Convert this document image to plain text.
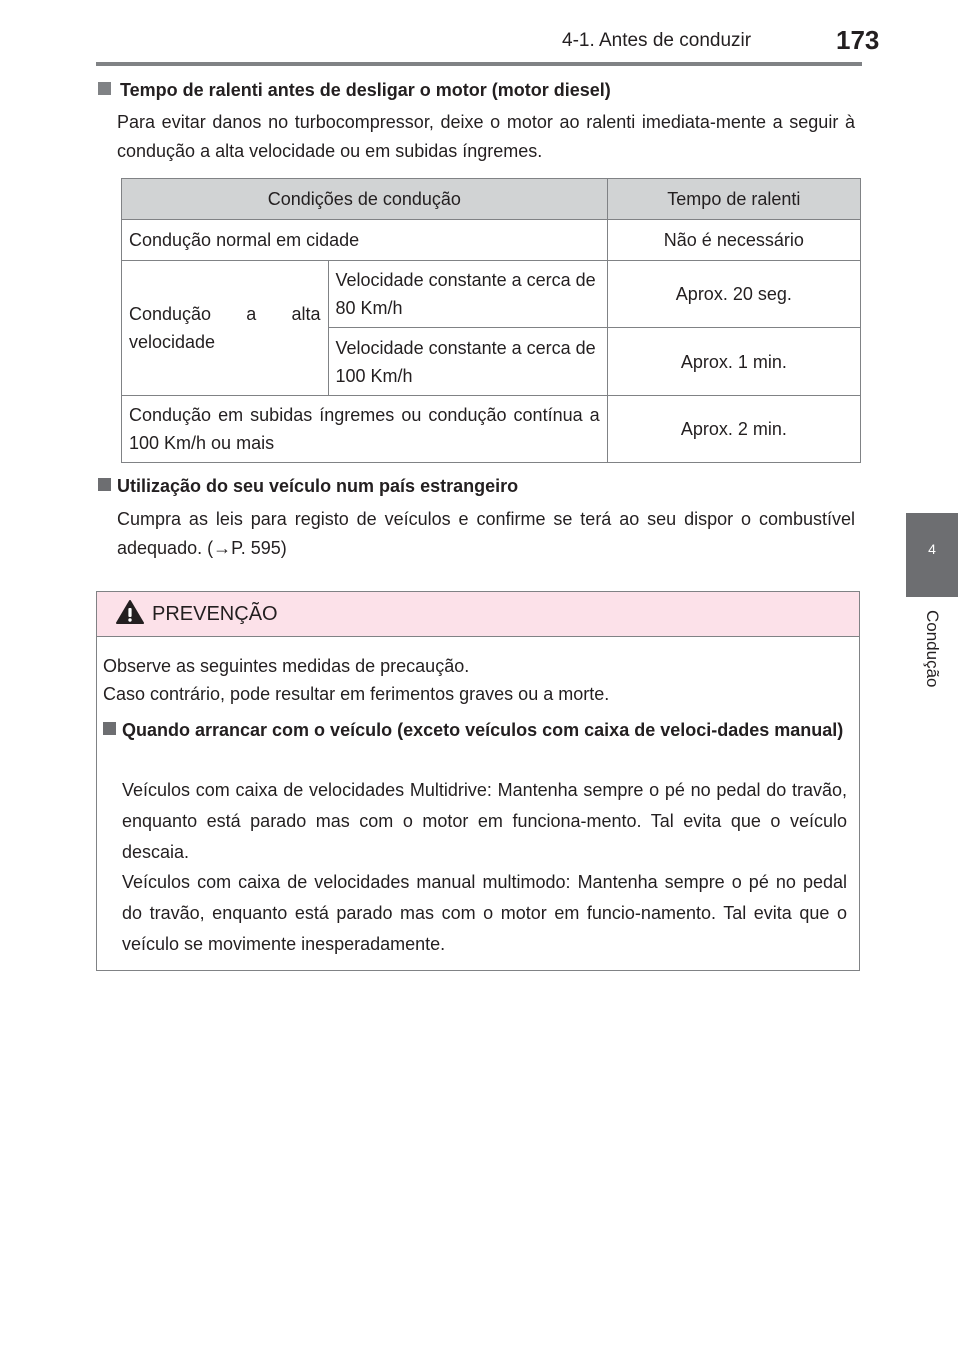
4-1. Antes de conduzir	173
4
Condução
Tempo de ralenti antes de desligar o motor (motor diesel)
Para evitar danos no turbocompressor, deixe o motor ao ralenti imediata-mente a seguir à condução a alta velocidade ou em subidas íngremes.
Condições de condução		Tempo de ralenti
Condução normal em cidade		Não é necessário
Condução a alta velocidade	Velocidade constante a cerca de 80 Km/h	Aprox. 20 seg.
	Velocidade constante a cerca de 100 Km/h	Aprox. 1 min.
Condução em subidas íngremes ou condução contínua a 100 Km/h ou mais		Aprox. 2 min.
Utilização do seu veículo num país estrangeiro
Cumpra as leis para registo de veículos e confirme se terá ao seu dispor o combustível adequado. (→P. 595)
PREVENÇÃO
Observe as seguintes medidas de precaução.
Caso contrário, pode resultar em ferimentos graves ou a morte.
Quando arrancar com o veículo (exceto veículos com caixa de veloci-dades manual)
Veículos com caixa de velocidades Multidrive: Mantenha sempre o pé no pedal do travão, enquanto está parado mas com o motor em funciona-mento. Tal evita que o veículo descaia.
Veículos com caixa de velocidades manual multimodo: Mantenha sempre o pé no pedal do travão, enquanto está parado mas com o motor em funcio-namento. Tal evita que o veículo se movimente inesperadamente.
